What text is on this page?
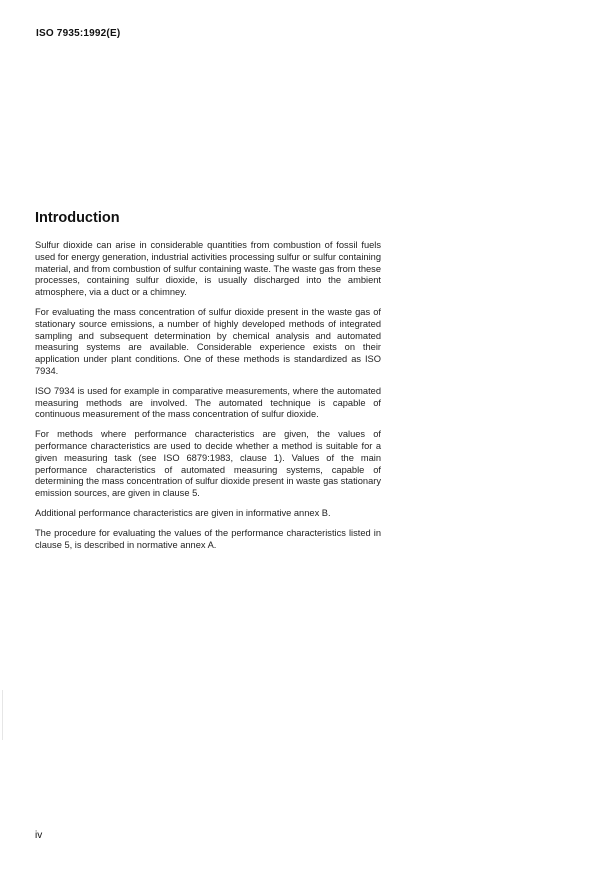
ISO 7935:1992(E)
Introduction

Sulfur dioxide can arise in considerable quantities from combustion of fossil fuels used for energy generation, industrial activities processing sulfur or sulfur containing material, and from combustion of sulfur containing waste. The waste gas from these processes, containing sulfur dioxide, is usually discharged into the ambient atmosphere, via a duct or a chimney.

For evaluating the mass concentration of sulfur dioxide present in the waste gas of stationary source emissions, a number of highly developed methods of integrated sampling and subsequent determination by chemical analysis and automated measuring systems are available. Considerable experience exists on their application under plant conditions. One of these methods is standardized as ISO 7934.

ISO 7934 is used for example in comparative measurements, where the automated measuring methods are involved. The automated technique is capable of continuous measurement of the mass concentration of sulfur dioxide.

For methods where performance characteristics are given, the values of performance characteristics are used to decide whether a method is suitable for a given measuring task (see ISO 6879:1983, clause 1). Values of the main performance characteristics of automated measuring systems, capable of determining the mass concentration of sulfur dioxide present in waste gas stationary emission sources, are given in clause 5.

Additional performance characteristics are given in informative annex B.

The procedure for evaluating the values of the performance characteristics listed in clause 5, is described in normative annex A.

iv
